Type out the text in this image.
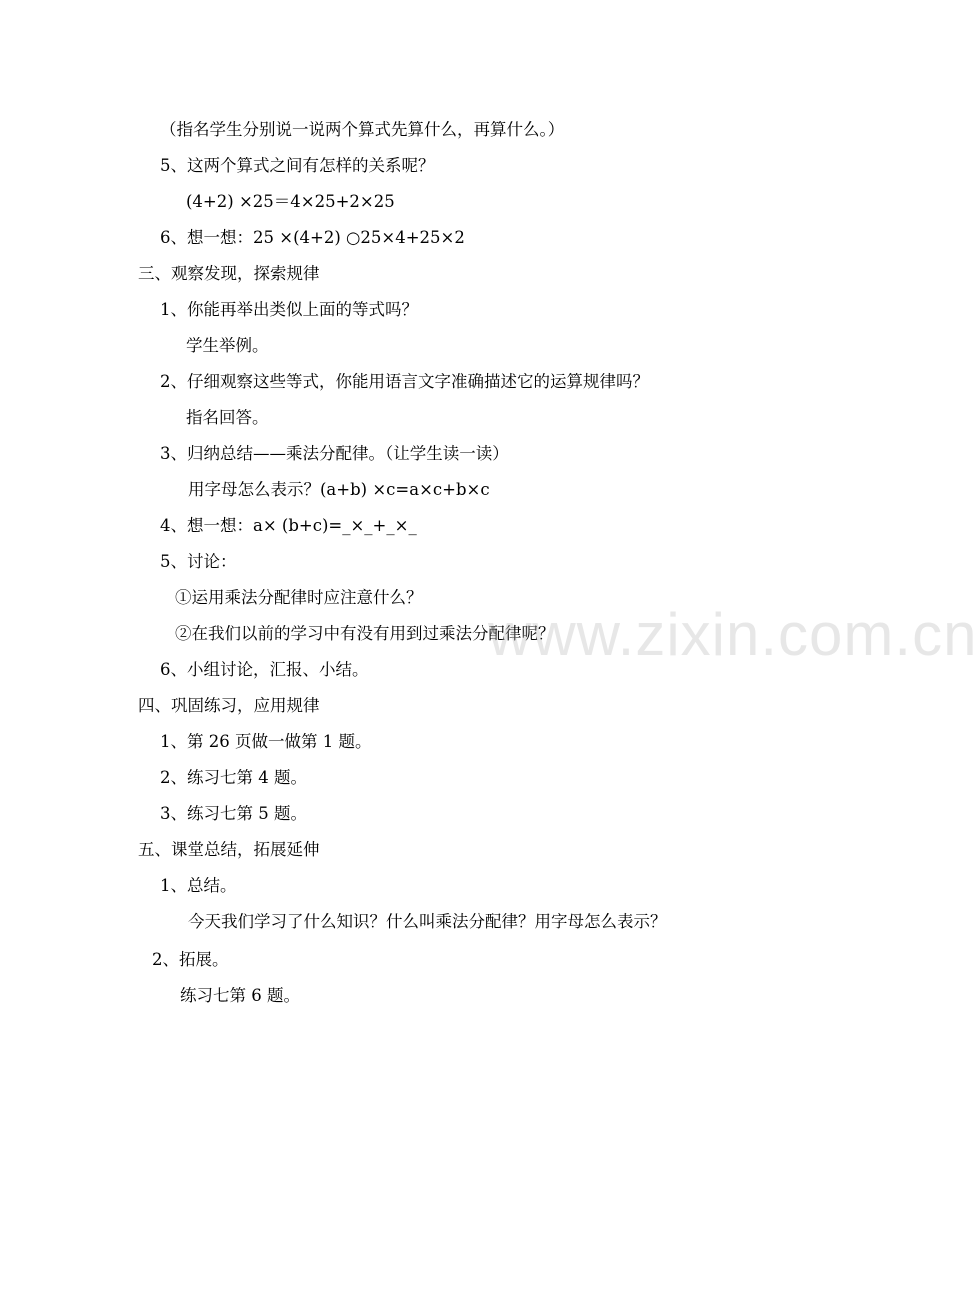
（指名学生分别说一说两个算式先算什么，再算什么。）
5、这两个算式之间有怎样的关系呢？
(4+2) ×25＝4×25+2×25
6、想一想：25 ×(4+2) ○25×4+25×2
三、观察发现，探索规律
1、你能再举出类似上面的等式吗？
学生举例。
2、仔细观察这些等式，你能用语言文字准确描述它的运算规律吗？
指名回答。
3、归纳总结——乘法分配律。（让学生读一读）
用字母怎么表示？(a+b) ×c=a×c+b×c
4、想一想：a× (b+c)=_×_+_×_
5、讨论：
①运用乘法分配律时应注意什么？
②在我们以前的学习中有没有用到过乘法分配律呢？
6、小组讨论，汇报、小结。
四、巩固练习，应用规律
1、第 26 页做一做第 1 题。
2、练习七第 4 题。
3、练习七第 5 题。
五、课堂总结，拓展延伸
1、总结。
今天我们学习了什么知识？什么叫乘法分配律？用字母怎么表示？
2、拓展。
练习七第 6 题。
www.zixin.com.cn
